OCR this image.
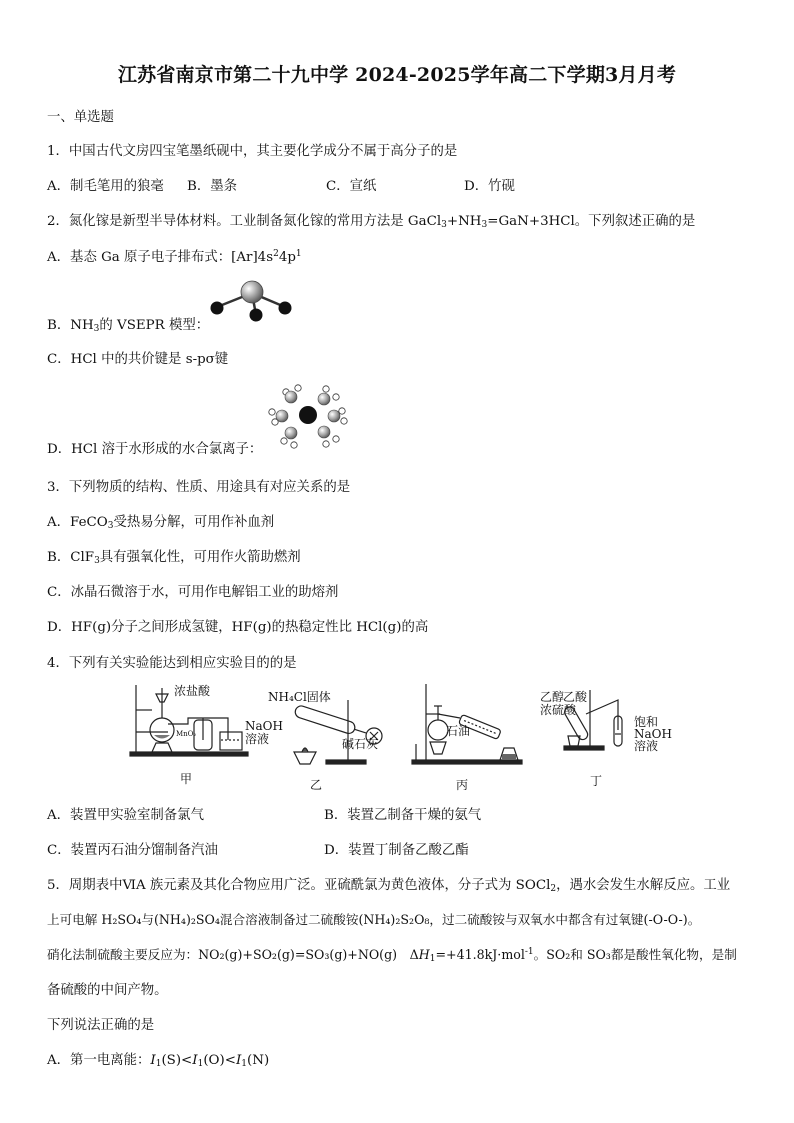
江苏省南京市第二十九中学 2024-2025学年高二下学期3月月考
一、单选题
1．中国古代文房四宝笔墨纸砚中，其主要化学成分不属于高分子的是
A．制毛笔用的狼毫 B．墨条	C．宣纸	D．竹砚
2．氮化镓是新型半导体材料。工业制备氮化镓的常用方法是 $GaCl_3+NH_3=GaN+3HCl$。下列叙述正确的是
A．基态 Ga 原子电子排布式：$[Ar]4s^24p^1$
B．$NH_3$的 VSEPR 模型：
C．HCl 中的共价键是 s-pσ键
D．HCl 溶于水形成的水合氯离子：
3．下列物质的结构、性质、用途具有对应关系的是
A．FeCO$_3$受热易分解，可用作补血剂
B．ClF$_3$具有强氧化性，可用作火箭助燃剂
C．冰晶石微溶于水，可用作电解铝工业的助熔剂
D．HF(g)分子之间形成氢键，HF(g)的热稳定性比 HCl(g)的高
4．下列有关实验能达到相应实验目的的是
浓盐酸
MnO₂
NaOH
溶液
甲
NH₄Cl固体
碱石灰
乙
石油
丙
乙醇
乙酸
浓硫酸
饱和
NaOH
溶液
丁
A．装置甲实验室制备氯气	B．装置乙制备干燥的氨气
C．装置丙石油分馏制备汽油	D．装置丁制备乙酸乙酯
5．周期表中ⅥA 族元素及其化合物应用广泛。亚硫酰氯为黄色液体，分子式为 SOCl$_2$，遇水会发生水解反应。工业
上可电解 H₂SO₄与(NH₄)₂SO₄混合溶液制备过二硫酸铵(NH₄)₂S₂O₈，过二硫酸铵与双氧水中都含有过氧键(-O-O-)。
硝化法制硫酸主要反应为：NO₂(g)+SO₂(g)=SO₃(g)+NO(g)　$\Delta H_1=+41.8kJ\cdot mol^{-1}$。SO₂和 SO₃都是酸性氧化物，是制
备硫酸的中间产物。
下列说法正确的是
A．第一电离能：$I_1(S)<I_1(O)<I_1(N)$
